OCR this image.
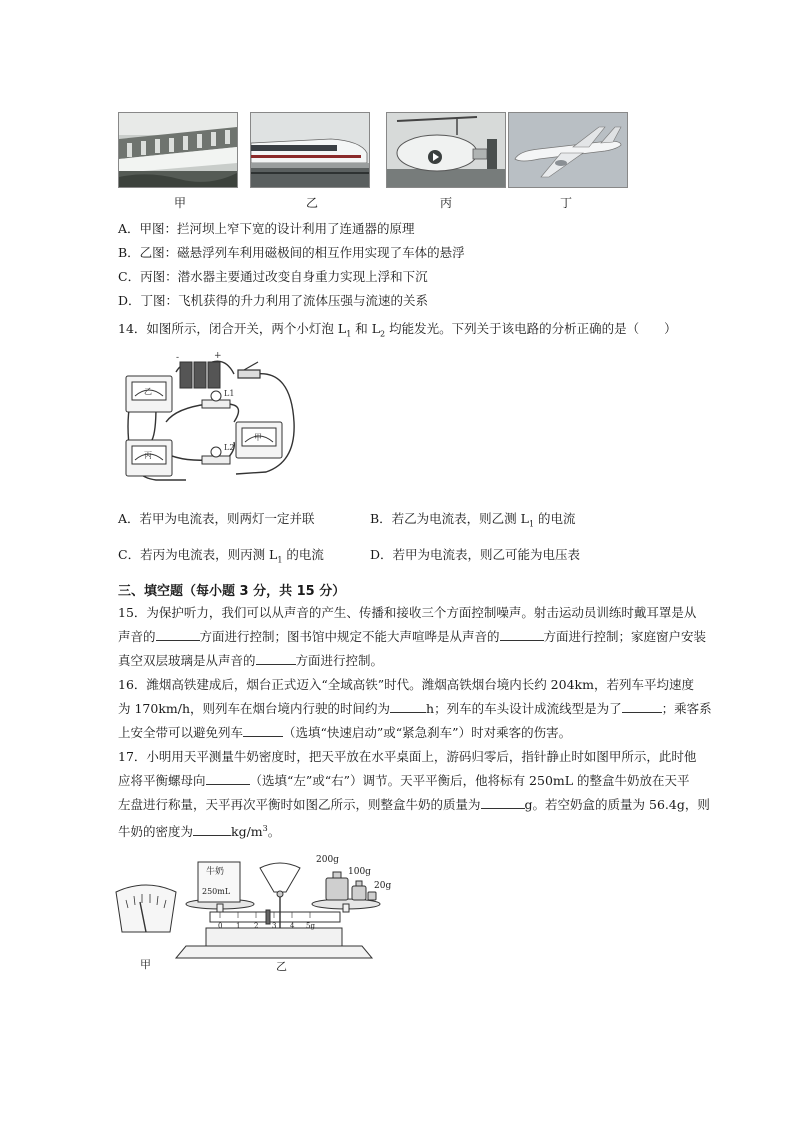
甲	乙	丙	丁
A．甲图：拦河坝上窄下宽的设计利用了连通器的原理
B．乙图：磁悬浮列车利用磁极间的相互作用实现了车体的悬浮
C．丙图：潜水器主要通过改变自身重力实现上浮和下沉
D．丁图：飞机获得的升力利用了流体压强与流速的关系
14．如图所示，闭合开关，两个小灯泡 $L_1$ 和 $L_2$ 均能发光。下列关于该电路的分析正确的是（　　）
乙
丙
甲
-	+
L1
L2
A．若甲为电流表，则两灯一定并联	B．若乙为电流表，则乙测 $L_1$ 的电流
C．若丙为电流表，则丙测 $L_1$ 的电流	D．若甲为电流表，则乙可能为电压表
三、填空题（每小题 3 分，共 15 分）
15．为保护听力，我们可以从声音的产生、传播和接收三个方面控制噪声。射击运动员训练时戴耳罩是从
声音的	方面进行控制；图书馆中规定不能大声喧哗是从声音的	方面进行控制；家庭窗户安装
真空双层玻璃是从声音的	方面进行控制。
16．潍烟高铁建成后，烟台正式迈入“全域高铁”时代。潍烟高铁烟台境内长约 204km，若列车平均速度
为 170km/h，则列车在烟台境内行驶的时间约为	h；列车的车头设计成流线型是为了	；乘客系
上安全带可以避免列车	（选填“快速启动”或“紧急刹车”）时对乘客的伤害。
17．小明用天平测量牛奶密度时，把天平放在水平桌面上，游码归零后，指针静止时如图甲所示，此时他
应将平衡螺母向	（选填“左”或“右”）调节。天平平衡后，他将标有 250mL 的整盒牛奶放在天平
左盘进行称量，天平再次平衡时如图乙所示，则整盒牛奶的质量为	g。若空奶盒的质量为 56.4g，则
牛奶的密度为	$kg/m^3$。
牛奶
250mL
200g
100g
20g
0 1 2 3 4 5g
甲	乙
